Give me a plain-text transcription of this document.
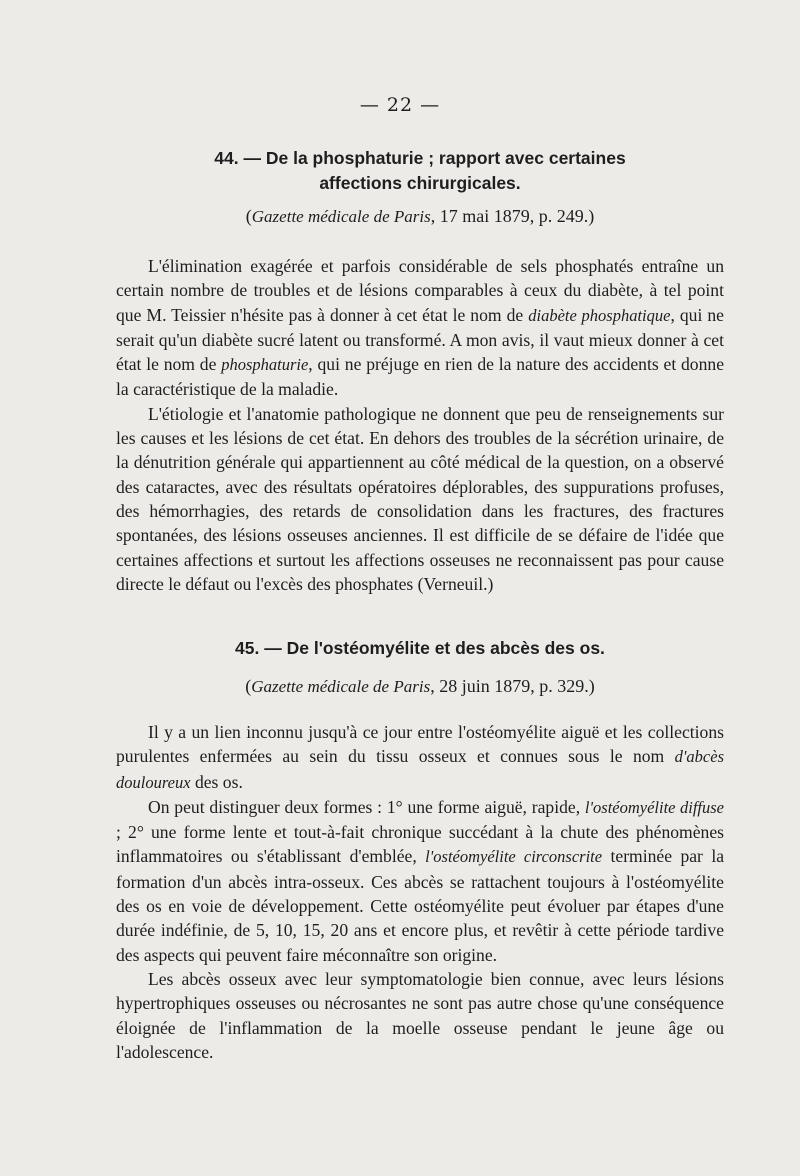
— 22 —
44. — De la phosphaturie ; rapport avec certaines
affections chirurgicales.
(Gazette médicale de Paris, 17 mai 1879, p. 249.)

L'élimination exagérée et parfois considérable de sels phosphatés entraîne un certain nombre de troubles et de lésions comparables à ceux du diabète, à tel point que M. Teissier n'hésite pas à donner à cet état le nom de diabète phosphatique, qui ne serait qu'un diabète sucré latent ou transformé. A mon avis, il vaut mieux donner à cet état le nom de phosphaturie, qui ne préjuge en rien de la nature des accidents et donne la caractéristique de la maladie.

L'étiologie et l'anatomie pathologique ne donnent que peu de renseignements sur les causes et les lésions de cet état. En dehors des troubles de la sécrétion urinaire, de la dénutrition générale qui appartiennent au côté médical de la question, on a observé des cataractes, avec des résultats opératoires déplorables, des suppurations profuses, des hémorrhagies, des retards de consolidation dans les fractures, des fractures spontanées, des lésions osseuses anciennes. Il est difficile de se défaire de l'idée que certaines affections et surtout les affections osseuses ne reconnaissent pas pour cause directe le défaut ou l'excès des phosphates (Verneuil.)

45. — De l'ostéomyélite et des abcès des os.
(Gazette médicale de Paris, 28 juin 1879, p. 329.)

Il y a un lien inconnu jusqu'à ce jour entre l'ostéomyélite aiguë et les collections purulentes enfermées au sein du tissu osseux et connues sous le nom d'abcès douloureux des os.

On peut distinguer deux formes : 1° une forme aiguë, rapide, l'ostéomyélite diffuse ; 2° une forme lente et tout-à-fait chronique succédant à la chute des phénomènes inflammatoires ou s'établissant d'emblée, l'ostéomyélite circonscrite terminée par la formation d'un abcès intra-osseux. Ces abcès se rattachent toujours à l'ostéomyélite des os en voie de développement. Cette ostéomyélite peut évoluer par étapes d'une durée indéfinie, de 5, 10, 15, 20 ans et encore plus, et revêtir à cette période tardive des aspects qui peuvent faire méconnaître son origine.

Les abcès osseux avec leur symptomatologie bien connue, avec leurs lésions hypertrophiques osseuses ou nécrosantes ne sont pas autre chose qu'une conséquence éloignée de l'inflammation de la moelle osseuse pendant le jeune âge ou l'adolescence.
